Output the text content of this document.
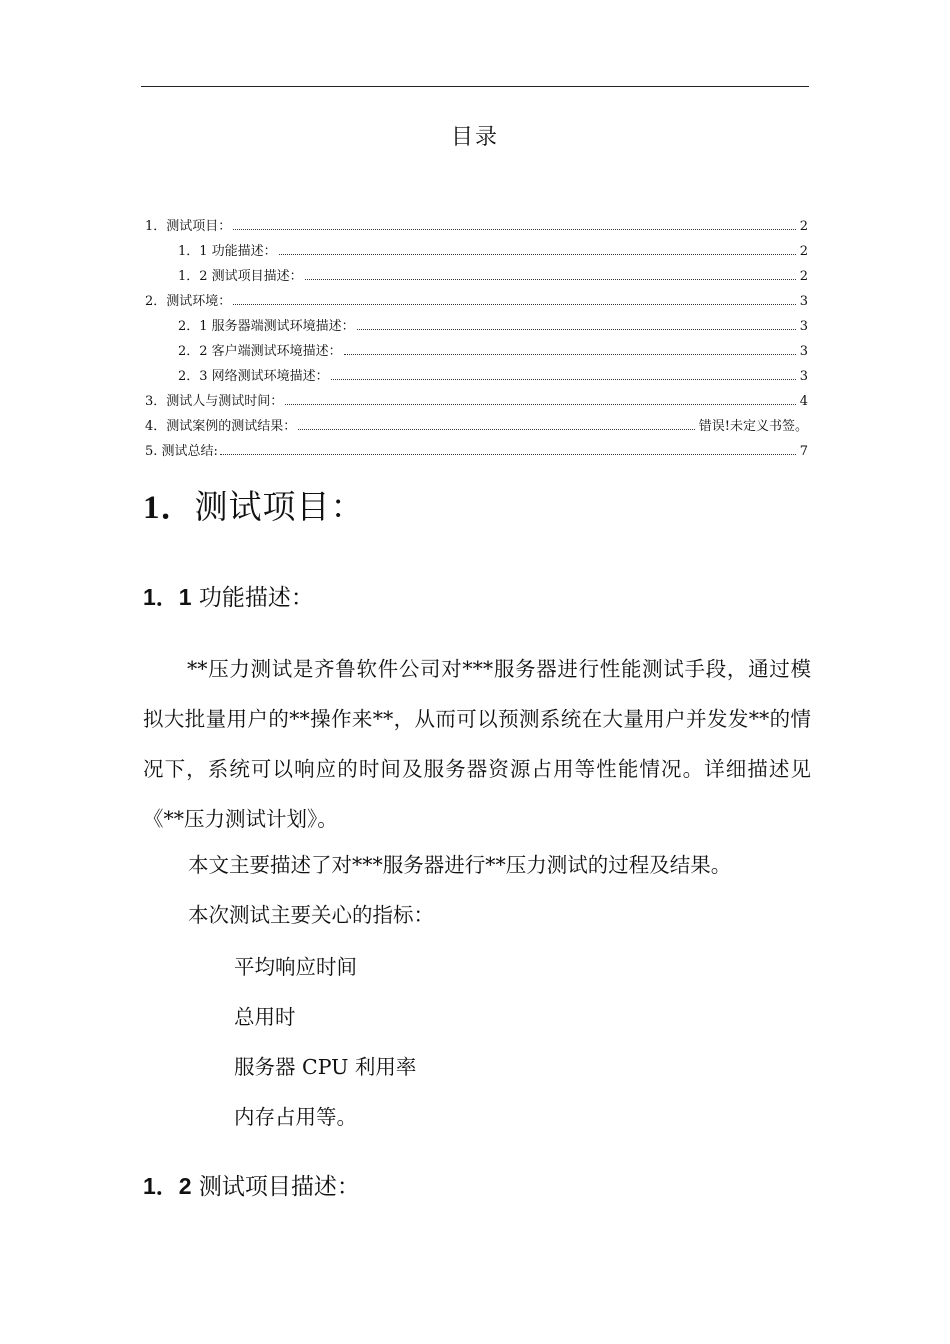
目录
1．测试项目：	2
1．1 功能描述：	2
1．2 测试项目描述：	2
2．测试环境：	3
2．1 服务器端测试环境描述：	3
2．2 客户端测试环境描述：	3
2．3 网络测试环境描述：	3
3．测试人与测试时间：	4
4．测试案例的测试结果：	错误!未定义书签。
5. 测试总结:	7
1．测试项目：
1．1 功能描述：
**压力测试是齐鲁软件公司对***服务器进行性能测试手段，通过模拟大批量用户的**操作来**，从而可以预测系统在大量用户并发发**的情况下，系统可以响应的时间及服务器资源占用等性能情况。详细描述见《**压力测试计划》。
本文主要描述了对***服务器进行**压力测试的过程及结果。
本次测试主要关心的指标：
平均响应时间
总用时
服务器 CPU 利用率
内存占用等。
1．2 测试项目描述：
